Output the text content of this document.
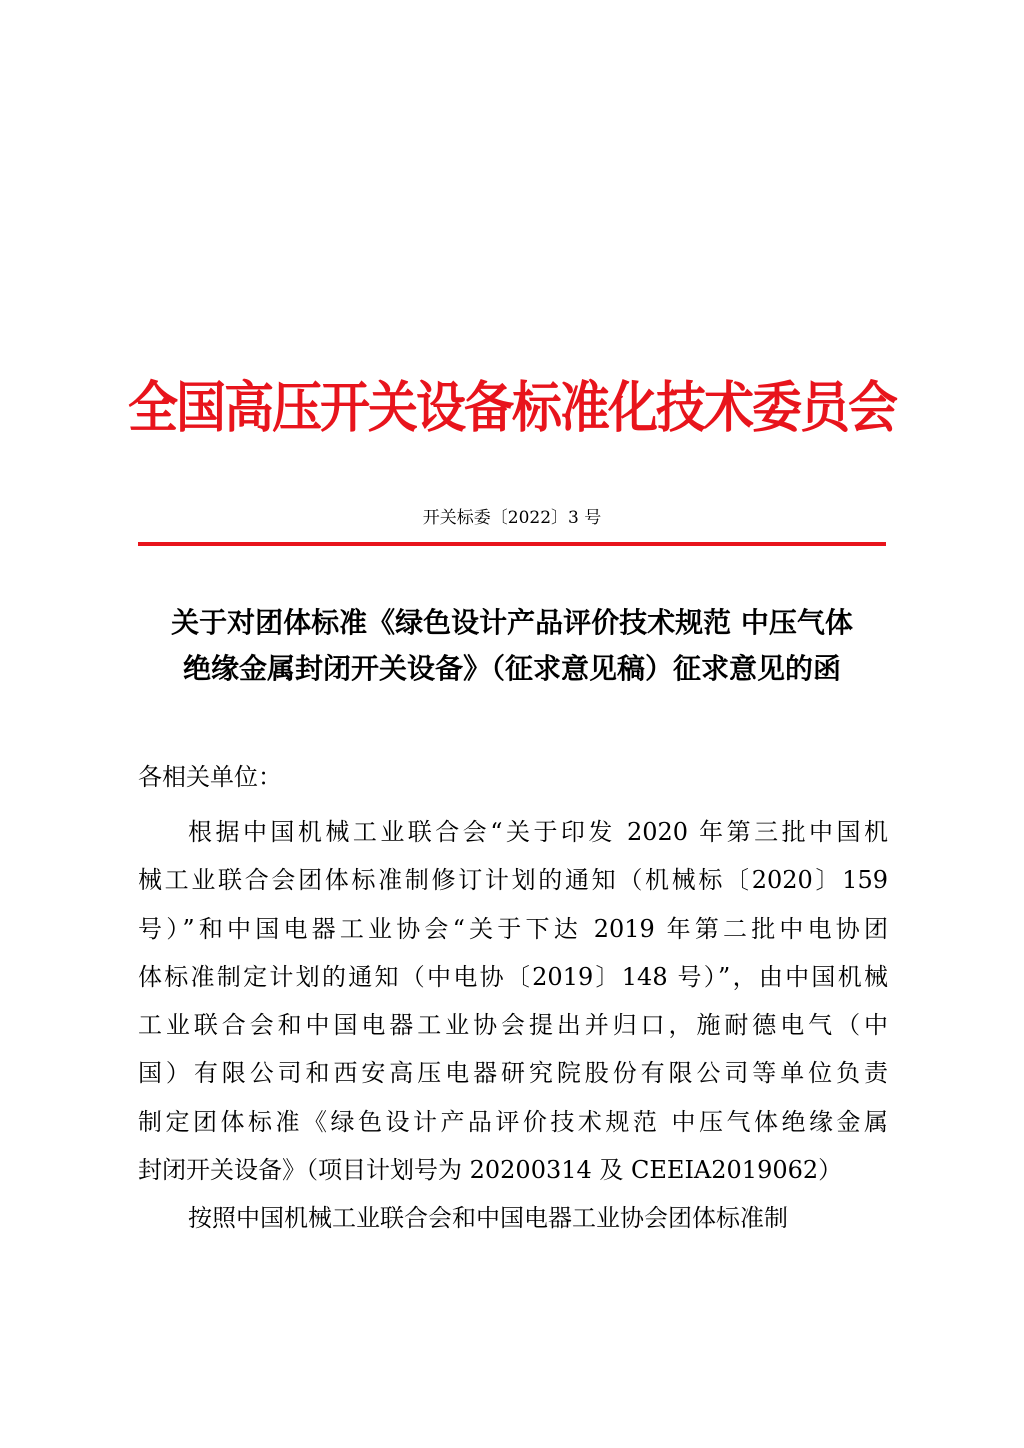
全国高压开关设备标准化技术委员会
开关标委〔2022〕3 号
关于对团体标准《绿色设计产品评价技术规范 中压气体
绝缘金属封闭开关设备》（征求意见稿）征求意见的函
各相关单位：
根据中国机械工业联合会“关于印发 2020 年第三批中国机
械工业联合会团体标准制修订计划的通知（机械标〔2020〕159
号）”和中国电器工业协会“关于下达 2019 年第二批中电协团
体标准制定计划的通知（中电协〔2019〕148 号）”，由中国机械
工业联合会和中国电器工业协会提出并归口，施耐德电气（中
国）有限公司和西安高压电器研究院股份有限公司等单位负责
制定团体标准《绿色设计产品评价技术规范 中压气体绝缘金属
封闭开关设备》（项目计划号为 20200314 及 CEEIA2019062）
按照中国机械工业联合会和中国电器工业协会团体标准制
